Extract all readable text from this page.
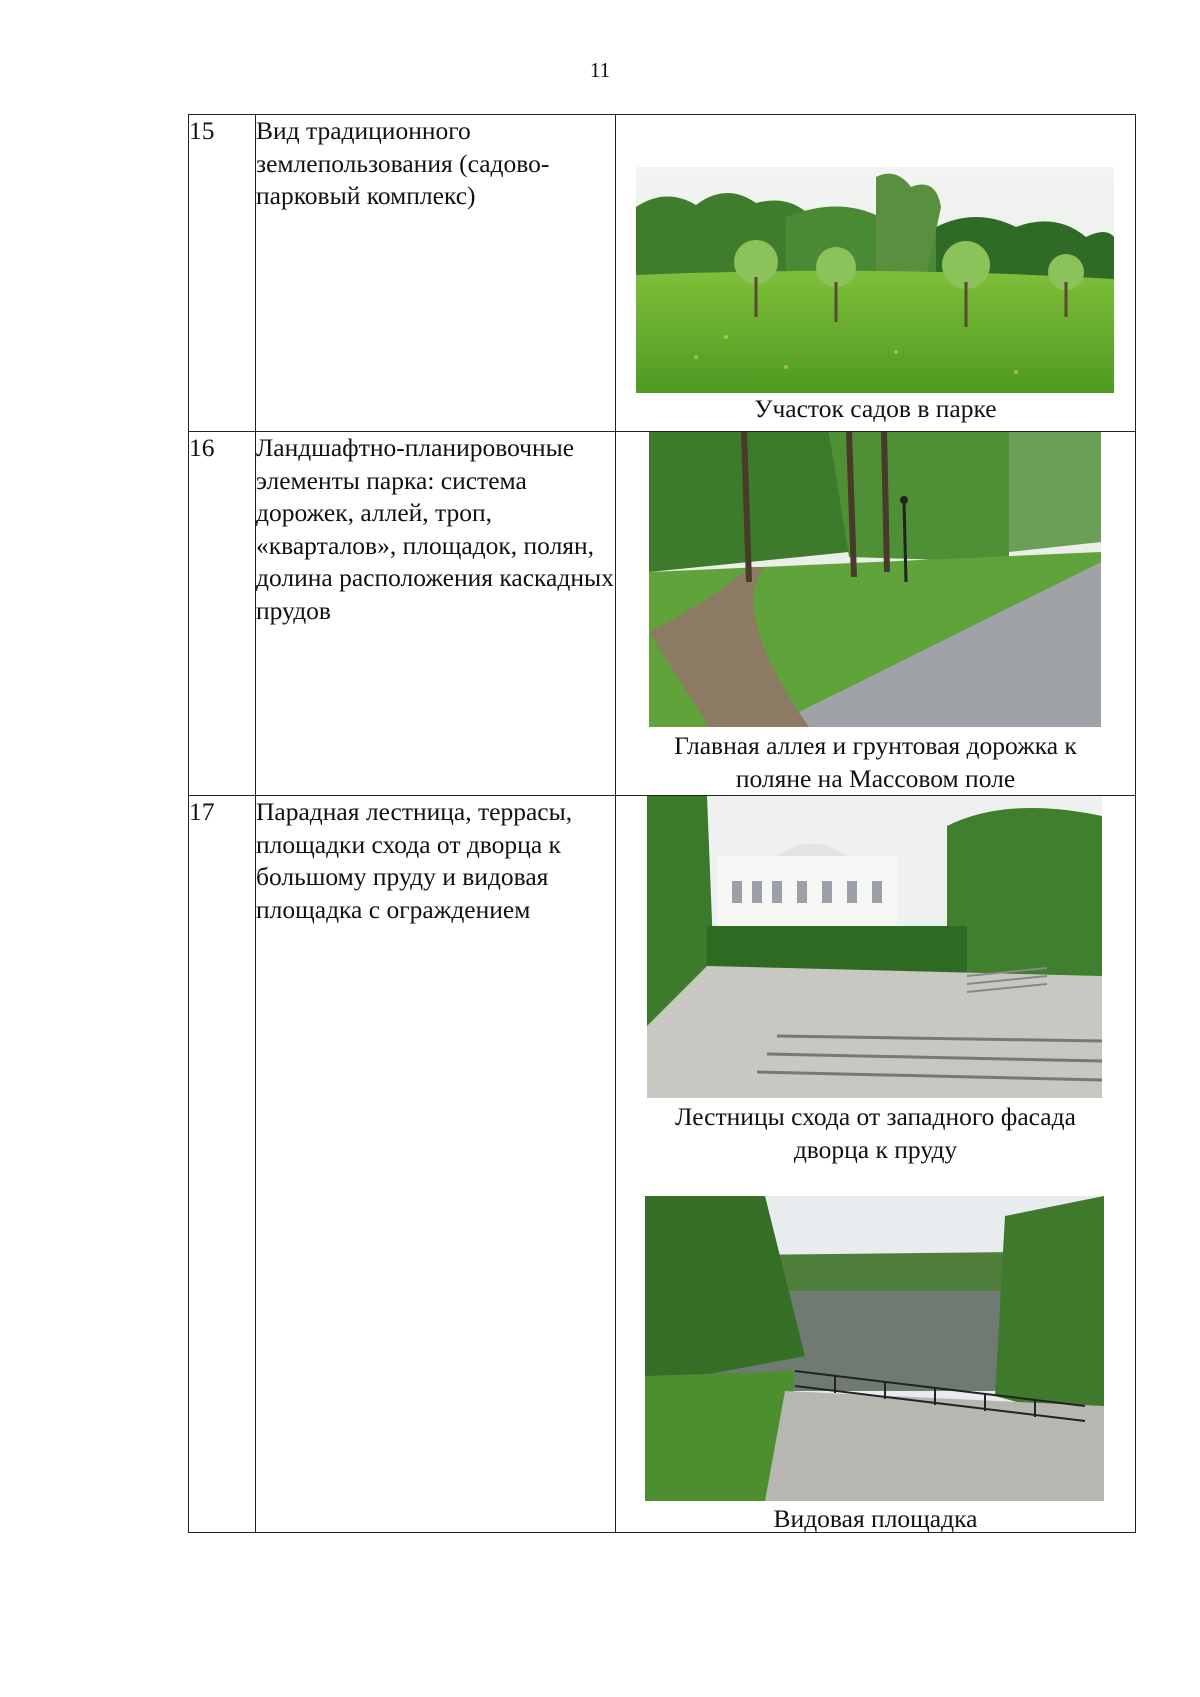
11
15	Вид традиционного землепользования (садово-парковый комплекс)	Участок садов в парке

16	Ландшафтно-планировочные элементы парка: система дорожек, аллей, троп, «кварталов», площадок, полян, долина расположения каскадных прудов	Главная аллея и грунтовая дорожка к
поляне на Массовом поле

17	Парадная лестница, террасы, площадки схода от дворца к большому пруду и видовая площадка с ограждением	Лестницы схода от западного фасада
дворца к пруду
Видовая площадка
